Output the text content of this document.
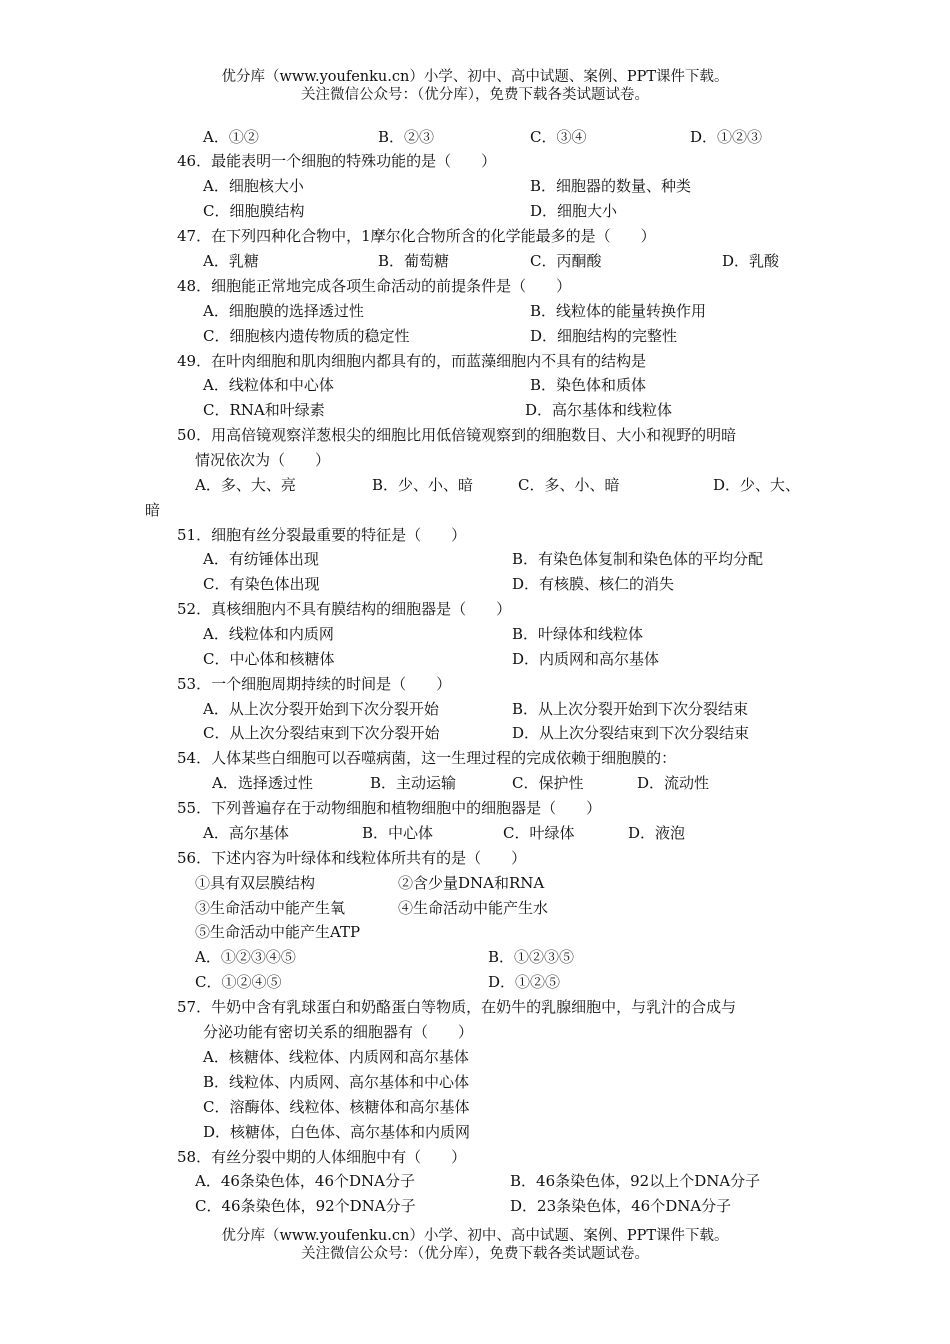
优分库（www.youfenku.cn）小学、初中、高中试题、案例、PPT课件下载。
关注微信公众号：（优分库），免费下载各类试题试卷。
A．①②	B．②③	C．③④	D．①②③
46．最能表明一个细胞的特殊功能的是（　　）
A．细胞核大小	B．细胞器的数量、种类
C．细胞膜结构	D．细胞大小
47．在下列四种化合物中，1摩尔化合物所含的化学能最多的是（　　）
A．乳糖	B．葡萄糖	C．丙酮酸	D．乳酸
48．细胞能正常地完成各项生命活动的前提条件是（　　）
A．细胞膜的选择透过性	B．线粒体的能量转换作用
C．细胞核内遗传物质的稳定性	D．细胞结构的完整性
49．在叶肉细胞和肌肉细胞内都具有的，而蓝藻细胞内不具有的结构是
A．线粒体和中心体	B．染色体和质体
C．RNA和叶绿素	D．高尔基体和线粒体
50．用高倍镜观察洋葱根尖的细胞比用低倍镜观察到的细胞数目、大小和视野的明暗
情况依次为（　　）
A．多、大、亮	B．少、小、暗	C．多、小、暗	D．少、大、
暗
51．细胞有丝分裂最重要的特征是（　　）
A．有纺锤体出现	B．有染色体复制和染色体的平均分配
C．有染色体出现	D．有核膜、核仁的消失
52．真核细胞内不具有膜结构的细胞器是（　　）
A．线粒体和内质网	B．叶绿体和线粒体
C．中心体和核糖体	D．内质网和高尔基体
53．一个细胞周期持续的时间是（　　）
A．从上次分裂开始到下次分裂开始	B．从上次分裂开始到下次分裂结束
C．从上次分裂结束到下次分裂开始	D．从上次分裂结束到下次分裂结束
54．人体某些白细胞可以吞噬病菌，这一生理过程的完成依赖于细胞膜的：
A．选择透过性	B．主动运输	C．保护性	D．流动性
55．下列普遍存在于动物细胞和植物细胞中的细胞器是（　　）
A．高尔基体	B．中心体	C．叶绿体	D．液泡
56．下述内容为叶绿体和线粒体所共有的是（　　）
①具有双层膜结构	②含少量DNA和RNA
③生命活动中能产生氧	④生命活动中能产生水
⑤生命活动中能产生ATP
A．①②③④⑤	B．①②③⑤
C．①②④⑤	D．①②⑤
57．牛奶中含有乳球蛋白和奶酪蛋白等物质，在奶牛的乳腺细胞中，与乳汁的合成与
分泌功能有密切关系的细胞器有（　　）
A．核糖体、线粒体、内质网和高尔基体
B．线粒体、内质网、高尔基体和中心体
C．溶酶体、线粒体、核糖体和高尔基体
D．核糖体，白色体、高尔基体和内质网
58．有丝分裂中期的人体细胞中有（　　）
A．46条染色体，46个DNA分子	B．46条染色体，92以上个DNA分子
C．46条染色体，92个DNA分子	D．23条染色体，46个DNA分子
优分库（www.youfenku.cn）小学、初中、高中试题、案例、PPT课件下载。
关注微信公众号：（优分库），免费下载各类试题试卷。
